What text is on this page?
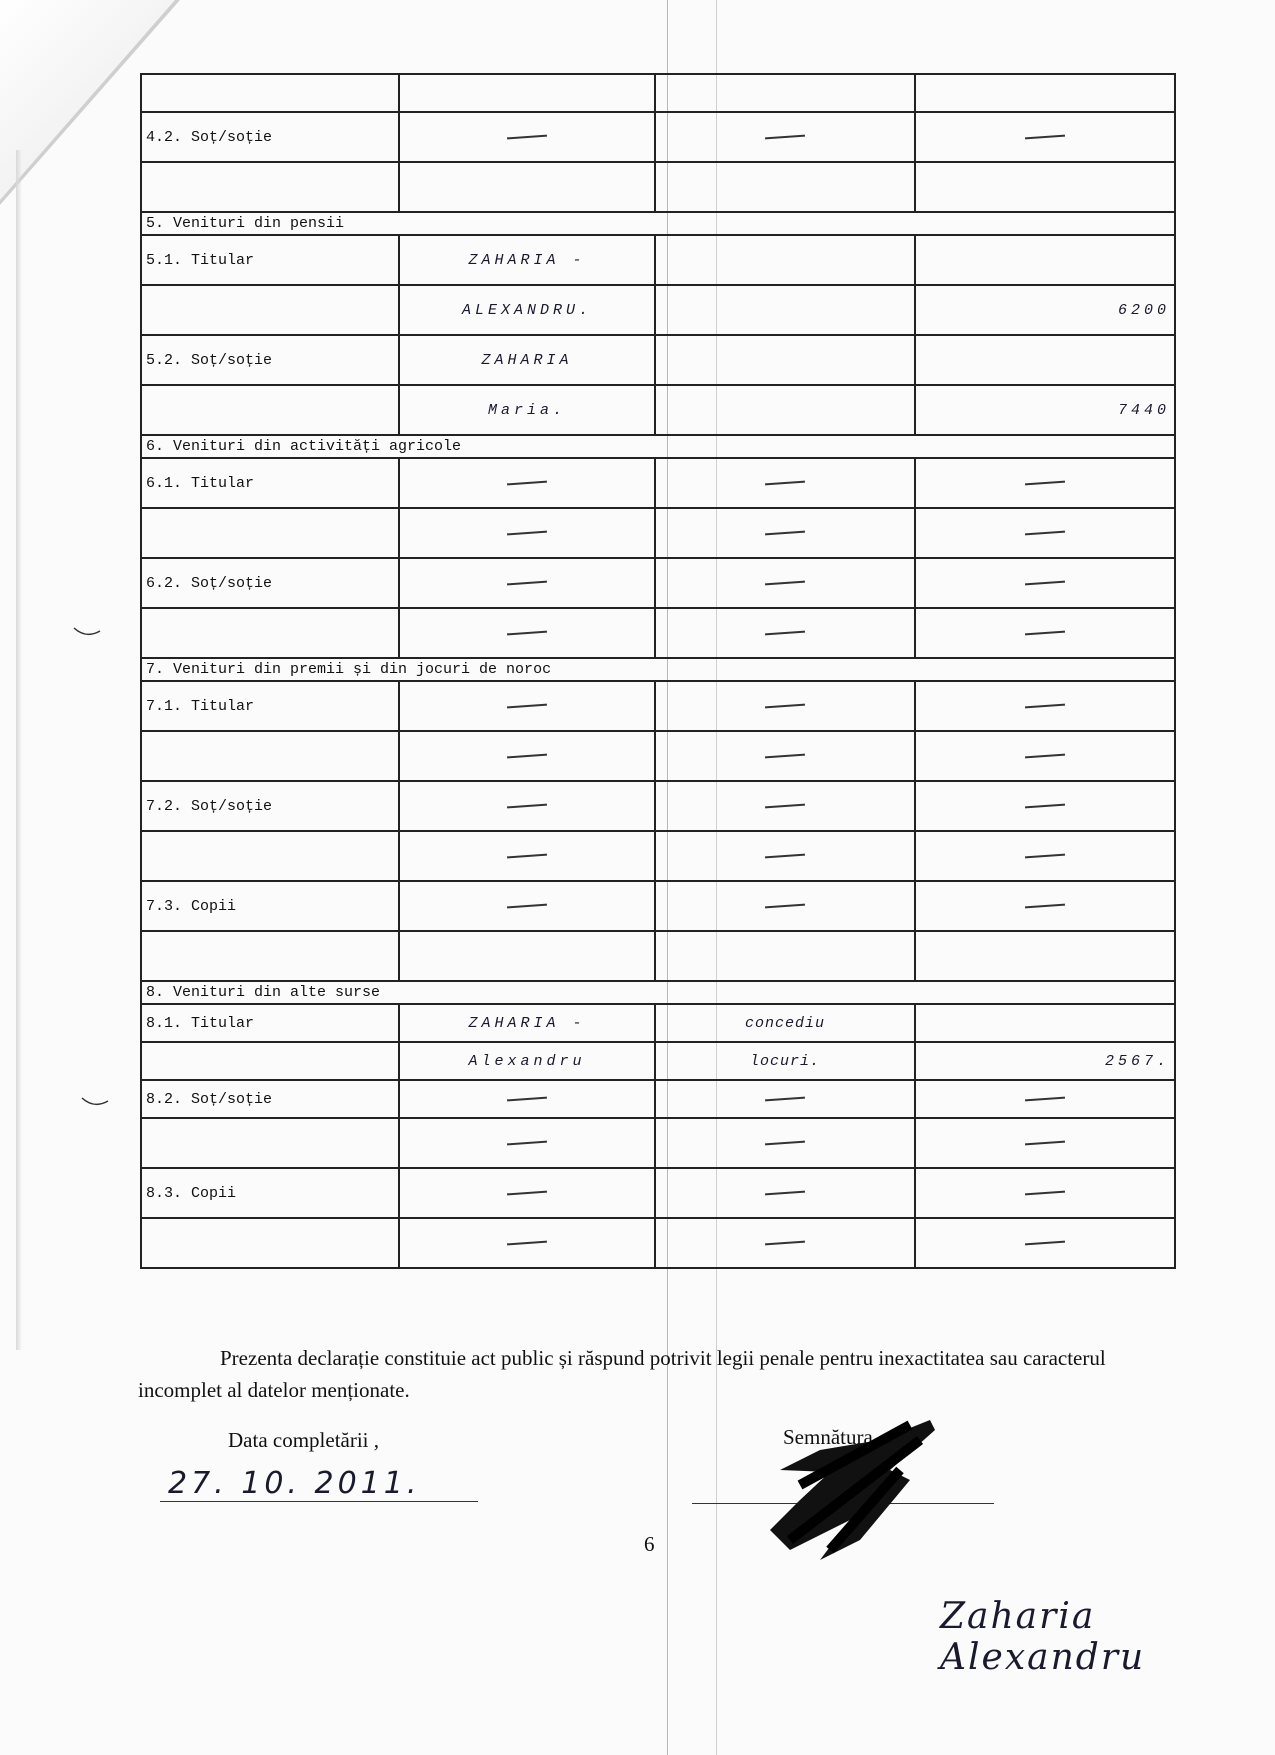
4.2. Soț/soție	

5. Venituri din pensii			
5.1. Titular	ZAHARIA -		
	ALEXANDRU.		6200
5.2. Soț/soție	ZAHARIA		
	Maria.		7440
6. Venituri din activități agricole			
6.1. Titular	

6.2. Soț/soție	

7. Venituri din premii și din jocuri de noroc			
7.1. Titular	

7.2. Soț/soție	

7.3. Copii	

8. Venituri din alte surse			
8.1. Titular	ZAHARIA -	concediu	
	Alexandru	locuri.	2567.
8.2. Soț/soție	

8.3. Copii	

Prezenta declarație constituie act public și răspund potrivit legii penale pentru inexactitatea sau caracterul incomplet al datelor menționate.
Data completării ,
27. 10. 2011.
Semnătura
6
Zaharia Alexandru
